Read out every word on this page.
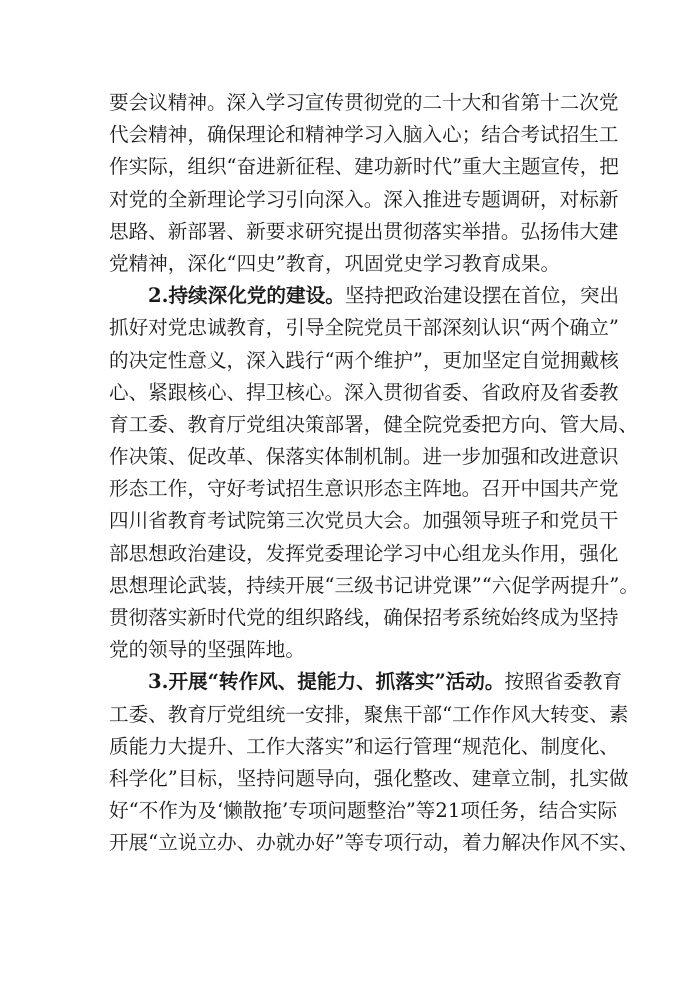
要会议精神。深入学习宣传贯彻党的二十大和省第十二次党
代会精神，确保理论和精神学习入脑入心；结合考试招生工
作实际，组织“奋进新征程、建功新时代”重大主题宣传，把
对党的全新理论学习引向深入。深入推进专题调研，对标新
思路、新部署、新要求研究提出贯彻落实举措。弘扬伟大建
党精神，深化“四史”教育，巩固党史学习教育成果。
2.持续深化党的建设。坚持把政治建设摆在首位，突出
抓好对党忠诚教育，引导全院党员干部深刻认识“两个确立”
的决定性意义，深入践行“两个维护”，更加坚定自觉拥戴核
心、紧跟核心、捍卫核心。深入贯彻省委、省政府及省委教
育工委、教育厅党组决策部署，健全院党委把方向、管大局、
作决策、促改革、保落实体制机制。进一步加强和改进意识
形态工作，守好考试招生意识形态主阵地。召开中国共产党
四川省教育考试院第三次党员大会。加强领导班子和党员干
部思想政治建设，发挥党委理论学习中心组龙头作用，强化
思想理论武装，持续开展“三级书记讲党课”“六促学两提升”。
贯彻落实新时代党的组织路线，确保招考系统始终成为坚持
党的领导的坚强阵地。
3.开展“转作风、提能力、抓落实”活动。按照省委教育
工委、教育厅党组统一安排，聚焦干部“工作作风大转变、素
质能力大提升、工作大落实”和运行管理“规范化、制度化、
科学化”目标，坚持问题导向，强化整改、建章立制，扎实做
好“不作为及‘懒散拖’专项问题整治”等21项任务，结合实际
开展“立说立办、办就办好”等专项行动，着力解决作风不实、
